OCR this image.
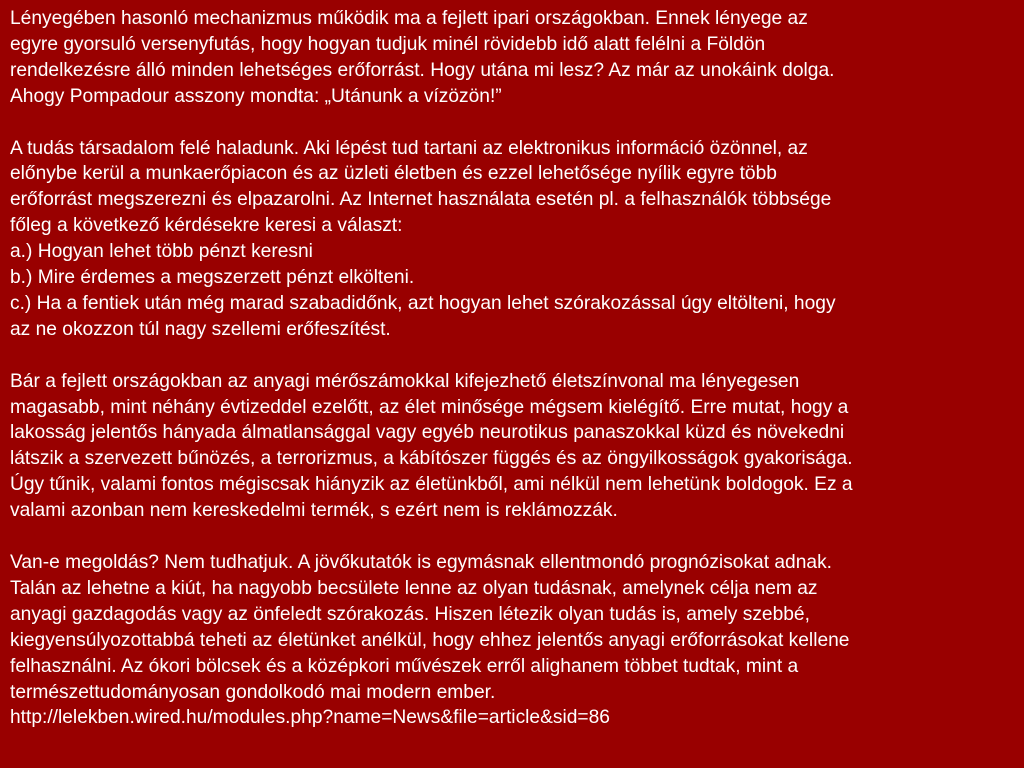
Lényegében hasonló mechanizmus működik ma a fejlett ipari országokban. Ennek lényege az
egyre gyorsuló versenyfutás, hogy hogyan tudjuk minél rövidebb idő alatt felélni a Földön
rendelkezésre álló minden lehetséges erőforrást. Hogy utána mi lesz? Az már az unokáink dolga.
Ahogy Pompadour asszony mondta: „Utánunk a vízözön!”

A tudás társadalom felé haladunk. Aki lépést tud tartani az elektronikus információ özönnel, az
előnybe kerül a munkaerőpiacon és az üzleti életben és ezzel lehetősége nyílik egyre több
erőforrást megszerezni és elpazarolni. Az Internet használata esetén pl. a felhasználók többsége
főleg a következő kérdésekre keresi a választ:
a.) Hogyan lehet több pénzt keresni
b.) Mire érdemes a megszerzett pénzt elkölteni.
c.) Ha a fentiek után még marad szabadidőnk, azt hogyan lehet szórakozással úgy eltölteni, hogy
az ne okozzon túl nagy szellemi erőfeszítést.

Bár a fejlett országokban az anyagi mérőszámokkal kifejezhető életszínvonal ma lényegesen
magasabb, mint néhány évtizeddel ezelőtt, az élet minősége mégsem kielégítő. Erre mutat, hogy a
lakosság jelentős hányada álmatlansággal vagy egyéb neurotikus panaszokkal küzd és növekedni
látszik a szervezett bűnözés, a terrorizmus, a kábítószer függés és az öngyilkosságok gyakorisága.
Úgy tűnik, valami fontos mégiscsak hiányzik az életünkből, ami nélkül nem lehetünk boldogok. Ez a
valami azonban nem kereskedelmi termék, s ezért nem is reklámozzák.

Van-e megoldás? Nem tudhatjuk. A jövőkutatók is egymásnak ellentmondó prognózisokat adnak.
Talán az lehetne a kiút, ha nagyobb becsülete lenne az olyan tudásnak, amelynek célja nem az
anyagi gazdagodás vagy az önfeledt szórakozás. Hiszen létezik olyan tudás is, amely szebbé,
kiegyensúlyozottabbá teheti az életünket anélkül, hogy ehhez jelentős anyagi erőforrásokat kellene
felhasználni. Az ókori bölcsek és a középkori művészek erről alighanem többet tudtak, mint a
természettudományosan gondolkodó mai modern ember.
http://lelekben.wired.hu/modules.php?name=News&file=article&sid=86
